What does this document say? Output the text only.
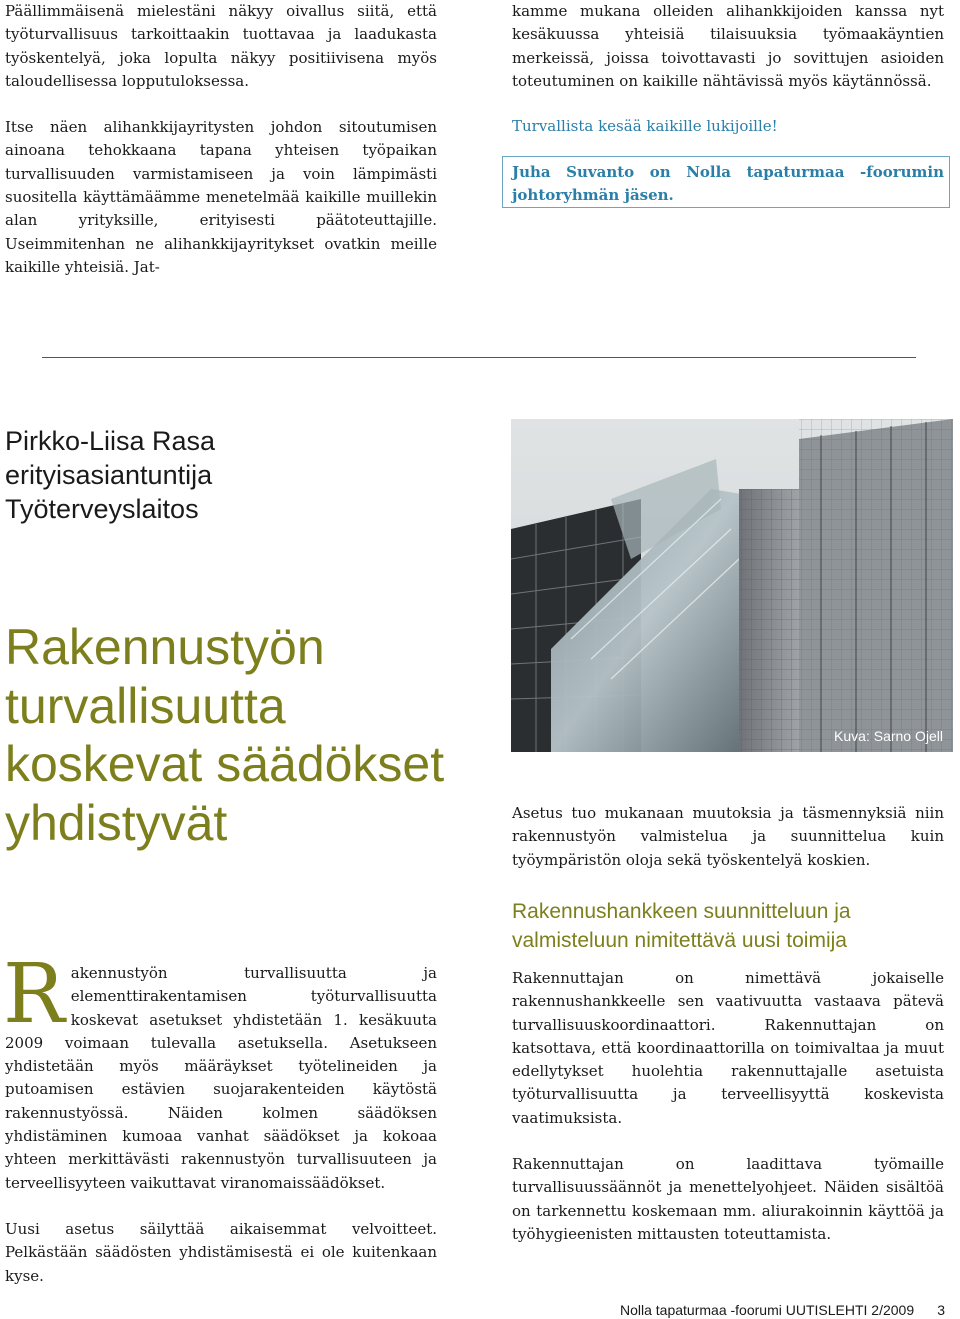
Päällimmäisenä mielestäni näkyy oivallus siitä, että työturvallisuus tarkoittaakin tuottavaa ja laadukasta työskentelyä, joka lopulta näkyy positiivisena myös taloudellisessa lopputuloksessa.

Itse näen alihankkijayritysten johdon sitoutumisen ainoana tehokkaana tapana yhteisen työpaikan turvallisuuden varmistamiseen ja voin lämpimästi suositella käyttämäämme menetelmää kaikille muillekin alan yrityksille, erityisesti päätoteuttajille. Useimmitenhan ne alihankkijayritykset ovatkin meille kaikille yhteisiä. Jat-

kamme mukana olleiden alihankkijoiden kanssa nyt kesäkuussa yhteisiä tilaisuuksia työmaakäyntien merkeissä, joissa toivottavasti jo sovittujen asioiden toteutuminen on kaikille nähtävissä myös käytännössä.

Turvallista kesää kaikille lukijoille!

Juha Suvanto on Nolla tapaturmaa -foorumin johtoryhmän jäsen.

Pirkko-Liisa Rasa
erityisasiantuntija
Työterveyslaitos
Rakennustyön
turvallisuutta
koskevat säädökset
yhdistyvät
Kuva: Sarno Ojell

Asetus tuo mukanaan muutoksia ja täsmennyksiä niin rakennustyön valmistelua ja suunnittelua kuin työympäristön oloja sekä työskentelyä koskien.

Rakennushankkeen suunnitteluun ja
valmisteluun nimitettävä uusi toimija

Rakennuttajan on nimettävä jokaiselle rakennushankkeelle sen vaativuutta vastaava pätevä turvallisuuskoordinaattori. Rakennuttajan on katsottava, että koordinaattorilla on toimivaltaa ja muut edellytykset huolehtia rakennuttajalle asetuista työturvallisuutta ja terveellisyyttä koskevista vaatimuksista.

Rakennuttajan on laadittava työmaille turvallisuussäännöt ja menettelyohjeet. Näiden sisältöä on tarkennettu koskemaan mm. aliurakoinnin käyttöä ja työhygieenisten mittausten toteuttamista.

R akennustyön turvallisuutta ja elementtirakentamisen työturvallisuutta koskevat asetukset yhdistetään 1. kesäkuuta 2009 voimaan tulevalla asetuksella. Asetukseen yhdistetään myös määräykset työtelineiden ja putoamisen estävien suojarakenteiden käytöstä rakennustyössä. Näiden kolmen säädöksen yhdistäminen kumoaa vanhat säädökset ja kokoaa yhteen merkittävästi rakennustyön turvallisuuteen ja terveellisyyteen vaikuttavat viranomaissäädökset.

Uusi asetus säilyttää aikaisemmat velvoitteet. Pelkästään säädösten yhdistämisestä ei ole kuitenkaan kyse.

Nolla tapaturmaa -foorumi UUTISLEHTI 2/2009 3
